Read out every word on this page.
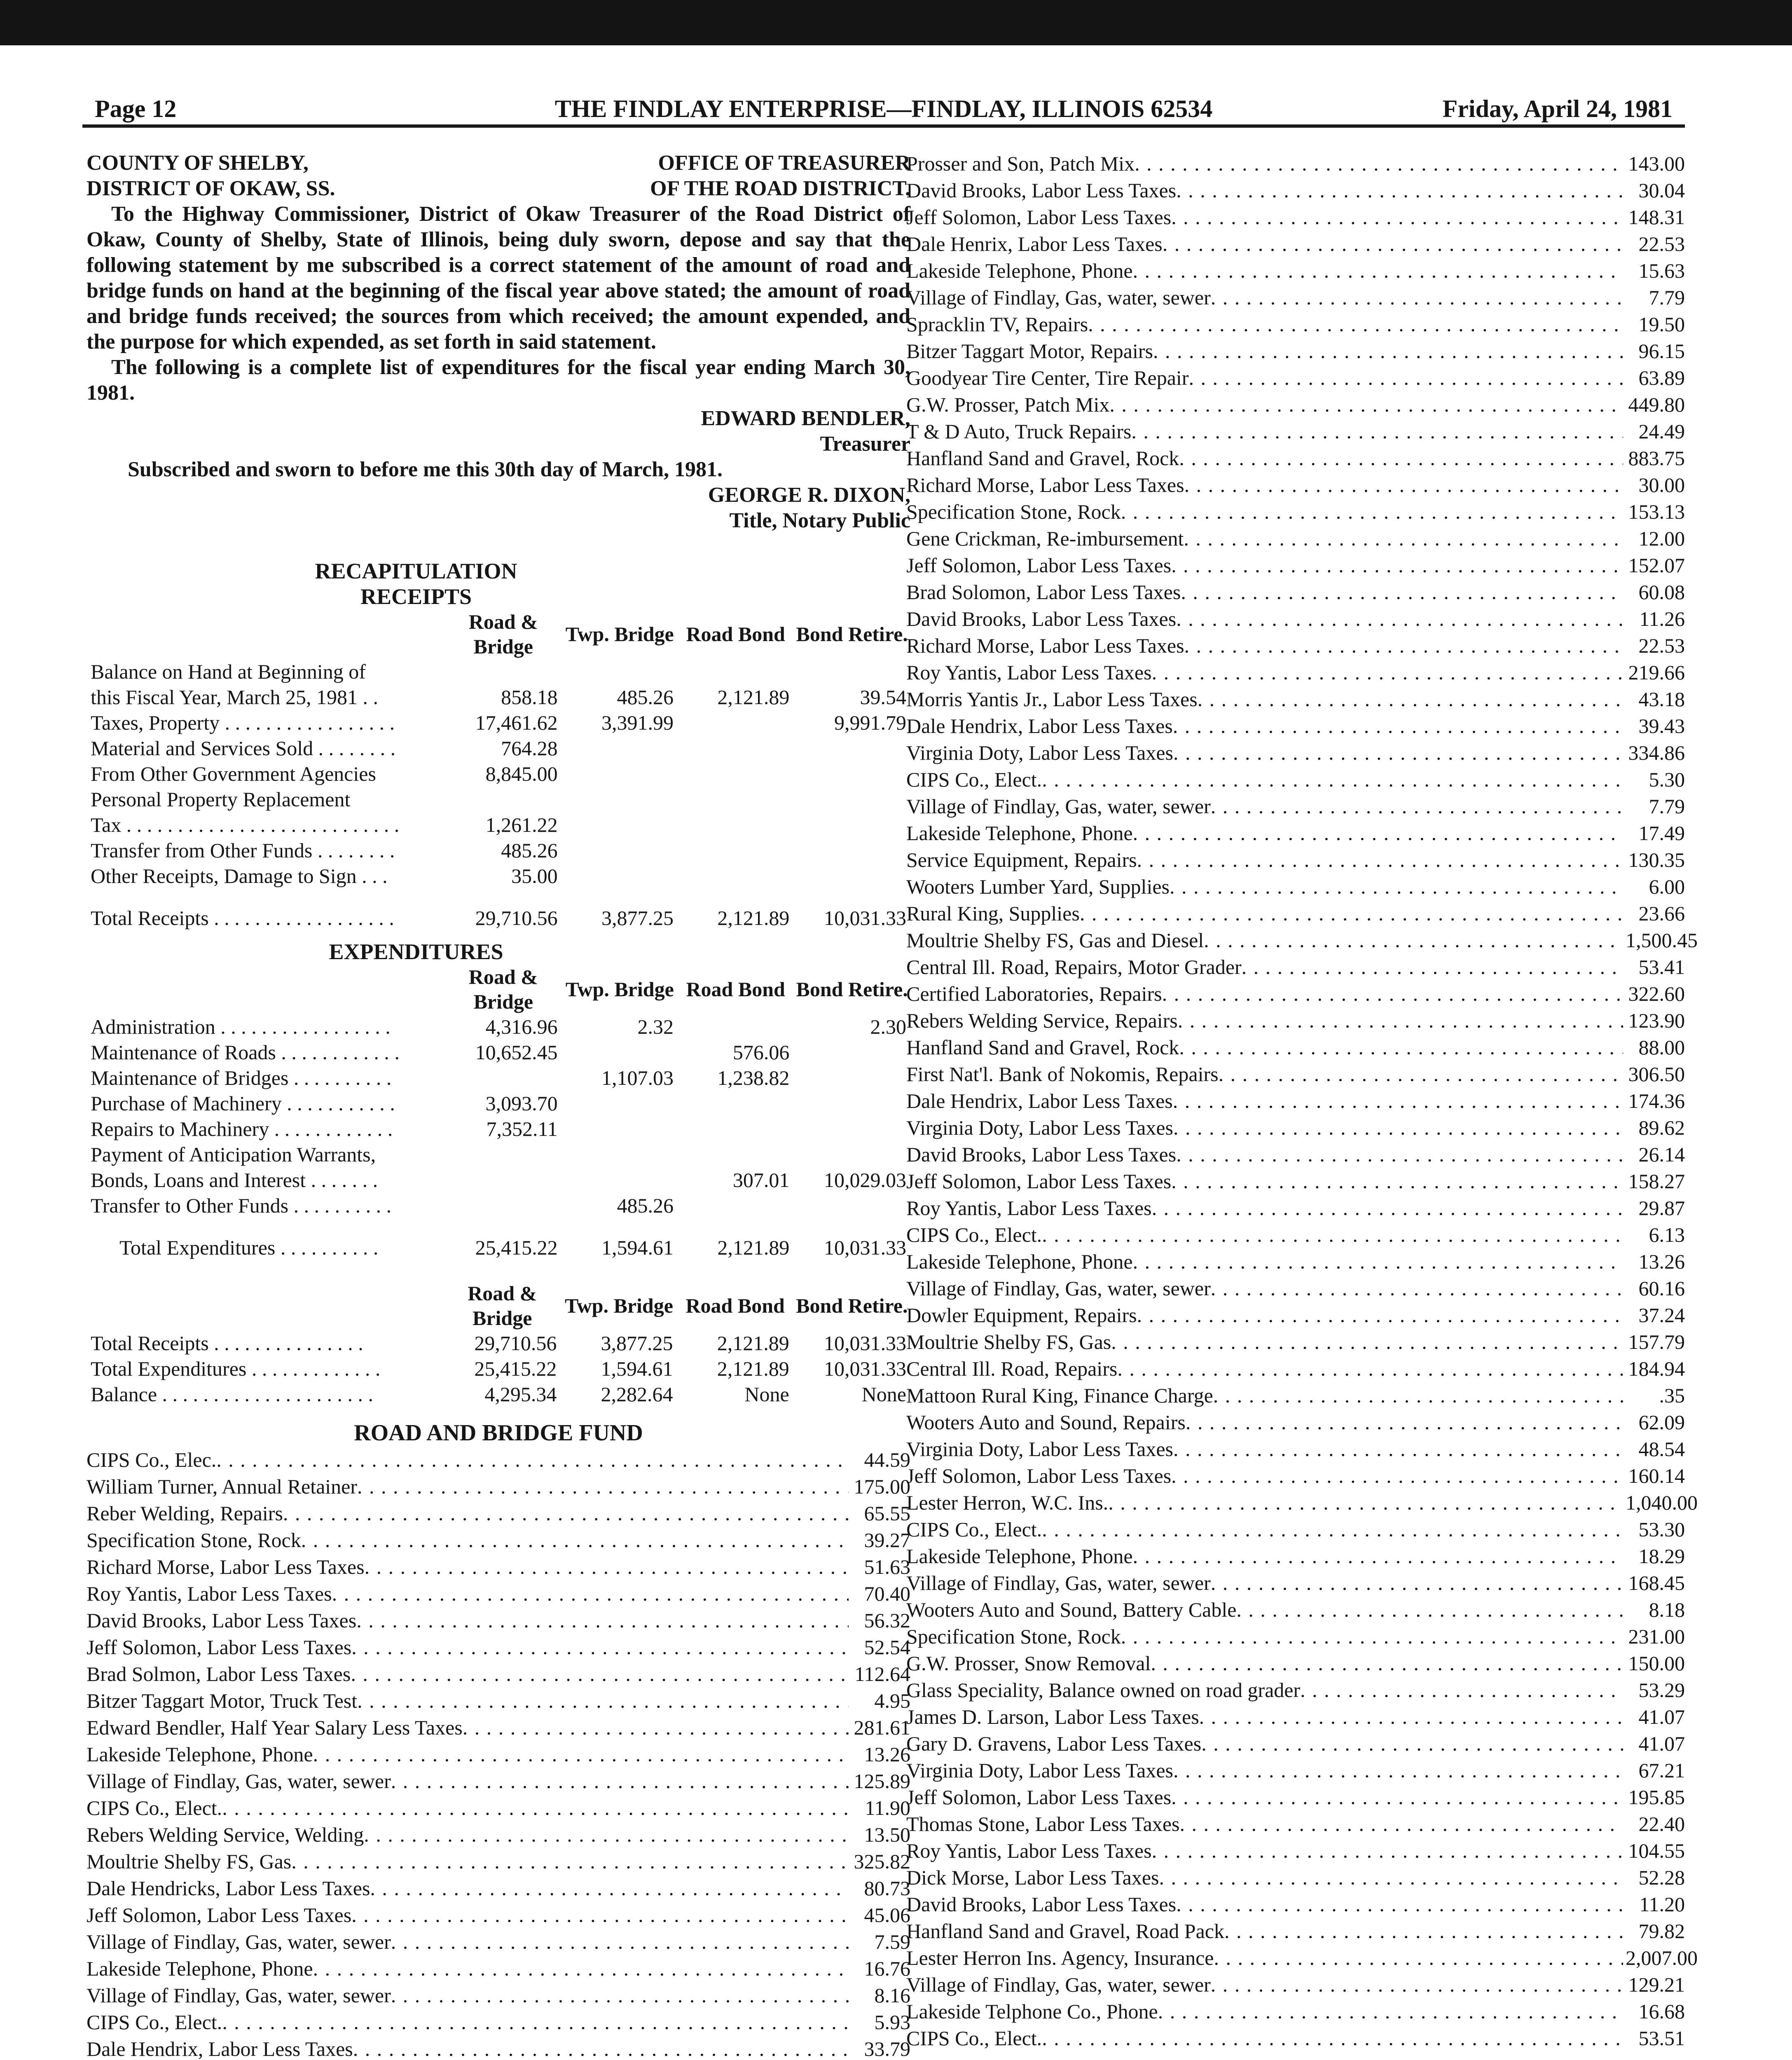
Page 12	THE FINDLAY ENTERPRISE—FINDLAY, ILLINOIS 62534	Friday, April 24, 1981
COUNTY OF SHELBY,	OFFICE OF TREASURER
DISTRICT OF OKAW, SS.	OF THE ROAD DISTRICT.

To the Highway Commissioner, District of Okaw Treasurer of the Road District of Okaw, County of Shelby, State of Illinois, being duly sworn, depose and say that the following statement by me subscribed is a correct statement of the amount of road and bridge funds on hand at the beginning of the fiscal year above stated; the amount of road and bridge funds received; the sources from which received; the amount expended, and the purpose for which expended, as set forth in said statement.

The following is a complete list of expenditures for the fiscal year ending March 30, 1981.

EDWARD BENDLER,
Treasurer
Subscribed and sworn to before me this 30th day of March, 1981.
GEORGE R. DIXON,
Title, Notary Public
RECAPITULATION
RECEIPTS
	Road & Bridge	Twp. Bridge	Road Bond	Bond Retire.
Balance on Hand at Beginning of				
this Fiscal Year, March 25, 1981 . .	858.18	485.26	2,121.89	39.54
Taxes, Property . . . . . . . . . . . . . . . . .	17,461.62	3,391.99		9,991.79
Material and Services Sold . . . . . . . .	764.28			
From Other Government Agencies	8,845.00			
Personal Property Replacement				
Tax . . . . . . . . . . . . . . . . . . . . . . . . . . .	1,261.22			
Transfer from Other Funds . . . . . . . .	485.26			
Other Receipts, Damage to Sign . . .	35.00			

Total Receipts . . . . . . . . . . . . . . . . . .	29,710.56	3,877.25	2,121.89	10,031.33
EXPENDITURES
	Road & Bridge	Twp. Bridge	Road Bond	Bond Retire.
Administration . . . . . . . . . . . . . . . . .	4,316.96	2.32		2.30
Maintenance of Roads . . . . . . . . . . . .	10,652.45		576.06	
Maintenance of Bridges . . . . . . . . . .		1,107.03	1,238.82	
Purchase of Machinery . . . . . . . . . . .	3,093.70			
Repairs to Machinery . . . . . . . . . . . .	7,352.11			
Payment of Anticipation Warrants,				
Bonds, Loans and Interest . . . . . . .			307.01	10,029.03
Transfer to Other Funds . . . . . . . . . .		485.26		

Total Expenditures . . . . . . . . . .	25,415.22	1,594.61	2,121.89	10,031.33
	Road & Bridge	Twp. Bridge	Road Bond	Bond Retire.
Total Receipts . . . . . . . . . . . . . . .	29,710.56	3,877.25	2,121.89	10,031.33
Total Expenditures . . . . . . . . . . . . .	25,415.22	1,594.61	2,121.89	10,031.33
Balance . . . . . . . . . . . . . . . . . . . . .	4,295.34	2,282.64	None	None
ROAD AND BRIDGE FUND
CIPS Co., Elec. . . .	44.59
William Turner, Annual Retainer . . .	175.00
Reber Welding, Repairs . . .	65.55
Specification Stone, Rock . . .	39.27
Richard Morse, Labor Less Taxes . . .	51.63
Roy Yantis, Labor Less Taxes . . .	70.40
David Brooks, Labor Less Taxes . . .	56.32
Jeff Solomon, Labor Less Taxes . . .	52.54
Brad Solmon, Labor Less Taxes . . .	112.64
Bitzer Taggart Motor, Truck Test . . .	4.95
Edward Bendler, Half Year Salary Less Taxes . . .	281.61
Lakeside Telephone, Phone . . .	13.26
Village of Findlay, Gas, water, sewer . . .	125.89
CIPS Co., Elect. . . .	11.90
Rebers Welding Service, Welding . . .	13.50
Moultrie Shelby FS, Gas . . .	325.82
Dale Hendricks, Labor Less Taxes . . .	80.73
Jeff Solomon, Labor Less Taxes . . .	45.06
Village of Findlay, Gas, water, sewer . . .	7.59
Lakeside Telephone, Phone . . .	16.76
Village of Findlay, Gas, water, sewer . . .	8.16
CIPS Co., Elect. . . .	5.93
Dale Hendrix, Labor Less Taxes . . .	33.79
Prosser and Son, Patch Mix . . .	143.00
David Brooks, Labor Less Taxes . . .	30.04
Jeff Solomon, Labor Less Taxes . . .	148.31
Dale Henrix, Labor Less Taxes . . .	22.53
Lakeside Telephone, Phone . . .	15.63
Village of Findlay, Gas, water, sewer . . .	7.79
Spracklin TV, Repairs . . .	19.50
Bitzer Taggart Motor, Repairs . . .	96.15
Goodyear Tire Center, Tire Repair . . .	63.89
G.W. Prosser, Patch Mix . . .	449.80
T & D Auto, Truck Repairs . . .	24.49
Hanfland Sand and Gravel, Rock . . .	883.75
Richard Morse, Labor Less Taxes . . .	30.00
Specification Stone, Rock . . .	153.13
Gene Crickman, Re-imbursement . . .	12.00
Jeff Solomon, Labor Less Taxes . . .	152.07
Brad Solomon, Labor Less Taxes . . .	60.08
David Brooks, Labor Less Taxes . . .	11.26
Richard Morse, Labor Less Taxes . . .	22.53
Roy Yantis, Labor Less Taxes . . .	219.66
Morris Yantis Jr., Labor Less Taxes . . .	43.18
Dale Hendrix, Labor Less Taxes . . .	39.43
Virginia Doty, Labor Less Taxes . . .	334.86
CIPS Co., Elect. . . .	5.30
Village of Findlay, Gas, water, sewer . . .	7.79
Lakeside Telephone, Phone . . .	17.49
Service Equipment, Repairs . . .	130.35
Wooters Lumber Yard, Supplies . . .	6.00
Rural King, Supplies . . .	23.66
Moultrie Shelby FS, Gas and Diesel . . .	1,500.45
Central Ill. Road, Repairs, Motor Grader . . .	53.41
Certified Laboratories, Repairs . . .	322.60
Rebers Welding Service, Repairs . . .	123.90
Hanfland Sand and Gravel, Rock . . .	88.00
First Nat'l. Bank of Nokomis, Repairs . . .	306.50
Dale Hendrix, Labor Less Taxes . . .	174.36
Virginia Doty, Labor Less Taxes . . .	89.62
David Brooks, Labor Less Taxes . . .	26.14
Jeff Solomon, Labor Less Taxes . . .	158.27
Roy Yantis, Labor Less Taxes . . .	29.87
CIPS Co., Elect. . . .	6.13
Lakeside Telephone, Phone . . .	13.26
Village of Findlay, Gas, water, sewer . . .	60.16
Dowler Equipment, Repairs . . .	37.24
Moultrie Shelby FS, Gas . . .	157.79
Central Ill. Road, Repairs . . .	184.94
Mattoon Rural King, Finance Charge . . .	.35
Wooters Auto and Sound, Repairs . . .	62.09
Virginia Doty, Labor Less Taxes . . .	48.54
Jeff Solomon, Labor Less Taxes . . .	160.14
Lester Herron, W.C. Ins. . . .	1,040.00
CIPS Co., Elect. . . .	53.30
Lakeside Telephone, Phone . . .	18.29
Village of Findlay, Gas, water, sewer . . .	168.45
Wooters Auto and Sound, Battery Cable . . .	8.18
Specification Stone, Rock . . .	231.00
G.W. Prosser, Snow Removal . . .	150.00
Glass Speciality, Balance owned on road grader . . .	53.29
James D. Larson, Labor Less Taxes . . .	41.07
Gary D. Gravens, Labor Less Taxes . . .	41.07
Virginia Doty, Labor Less Taxes . . .	67.21
Jeff Solomon, Labor Less Taxes . . .	195.85
Thomas Stone, Labor Less Taxes . . .	22.40
Roy Yantis, Labor Less Taxes . . .	104.55
Dick Morse, Labor Less Taxes . . .	52.28
David Brooks, Labor Less Taxes . . .	11.20
Hanfland Sand and Gravel, Road Pack . . .	79.82
Lester Herron Ins. Agency, Insurance . . .	2,007.00
Village of Findlay, Gas, water, sewer . . .	129.21
Lakeside Telphone Co., Phone . . .	16.68
CIPS Co., Elect. . . .	53.51
